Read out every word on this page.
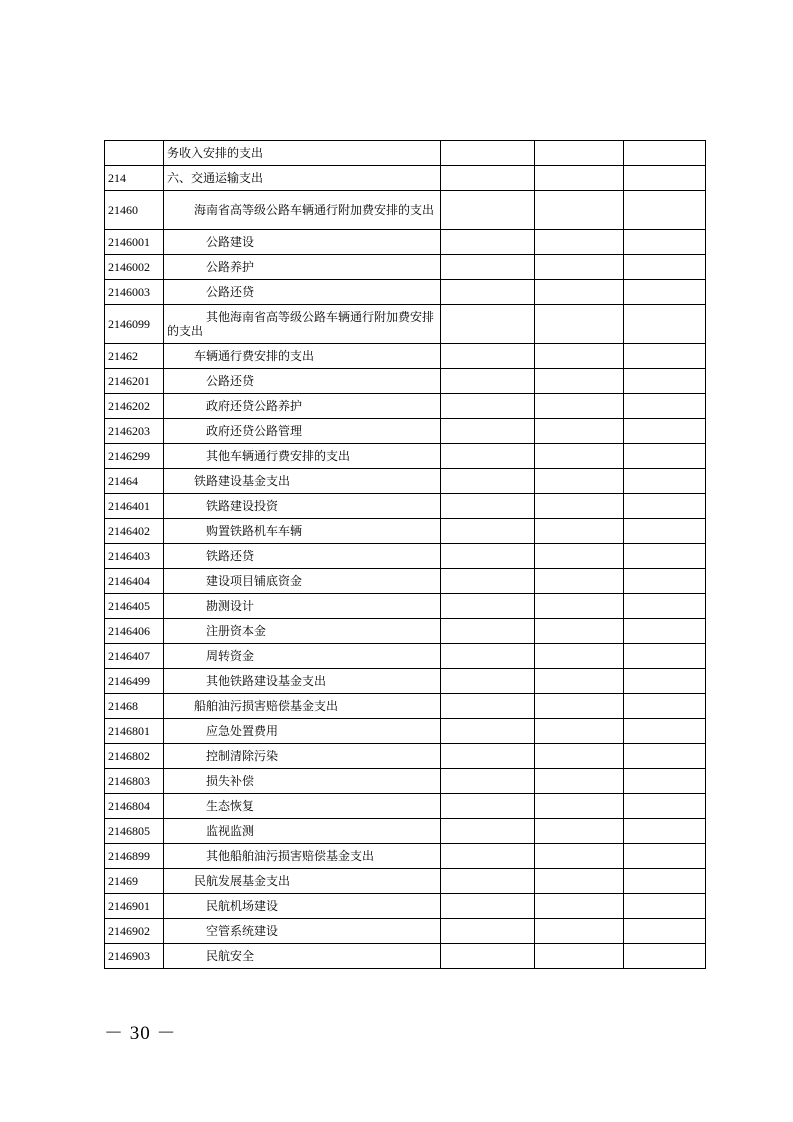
	务收入安排的支出			
214	六、交通运输支出			
21460	海南省高等级公路车辆通行附加费安排的支出			
2146001	公路建设			
2146002	公路养护			
2146003	公路还贷			
2146099	其他海南省高等级公路车辆通行附加费安排的支出			
21462	车辆通行费安排的支出			
2146201	公路还贷			
2146202	政府还贷公路养护			
2146203	政府还贷公路管理			
2146299	其他车辆通行费安排的支出			
21464	铁路建设基金支出			
2146401	铁路建设投资			
2146402	购置铁路机车车辆			
2146403	铁路还贷			
2146404	建设项目铺底资金			
2146405	勘测设计			
2146406	注册资本金			
2146407	周转资金			
2146499	其他铁路建设基金支出			
21468	船舶油污损害赔偿基金支出			
2146801	应急处置费用			
2146802	控制清除污染			
2146803	损失补偿			
2146804	生态恢复			
2146805	监视监测			
2146899	其他船舶油污损害赔偿基金支出			
21469	民航发展基金支出			
2146901	民航机场建设			
2146902	空管系统建设			
2146903	民航安全			
－ 30 －
